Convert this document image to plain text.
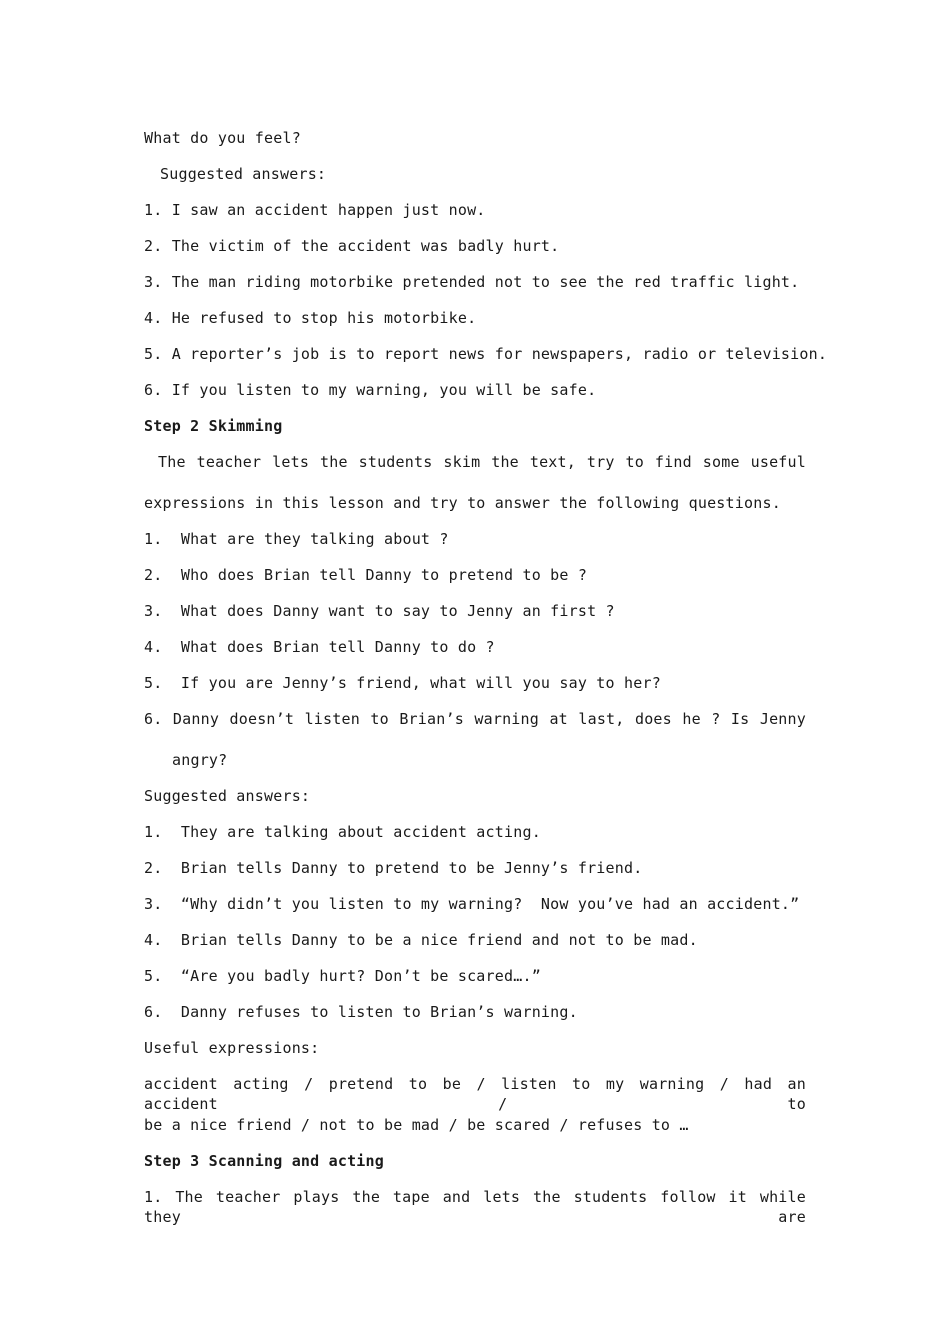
What do you feel?
Suggested answers:
1. I saw an accident happen just now.
2. The victim of the accident was badly hurt.
3. The man riding motorbike pretended not to see the red traffic light.
4. He refused to stop his motorbike.
5. A reporter’s job is to report news for newspapers, radio or television.
6. If you listen to my warning, you will be safe.
Step 2 Skimming
The teacher lets the students skim the text, try to find some useful
expressions in this lesson and try to answer the following questions.
1.  What are they talking about ?
2.  Who does Brian tell Danny to pretend to be ?
3.  What does Danny want to say to Jenny an first ?
4.  What does Brian tell Danny to do ?
5.  If you are Jenny’s friend, what will you say to her?
6. Danny doesn’t listen to Brian’s warning at last, does he ? Is Jenny
angry?
Suggested answers:
1.  They are talking about accident acting.
2.  Brian tells Danny to pretend to be Jenny’s friend.
3.  “Why didn’t you listen to my warning?  Now you’ve had an accident.”
4.  Brian tells Danny to be a nice friend and not to be mad.
5.  “Are you badly hurt? Don’t be scared….”
6.  Danny refuses to listen to Brian’s warning.
Useful expressions:
accident acting / pretend to be / listen to my warning / had an accident / to
be a nice friend / not to be mad / be scared / refuses to …
Step 3 Scanning and acting
1. The teacher plays the tape and lets the students follow it while they are
